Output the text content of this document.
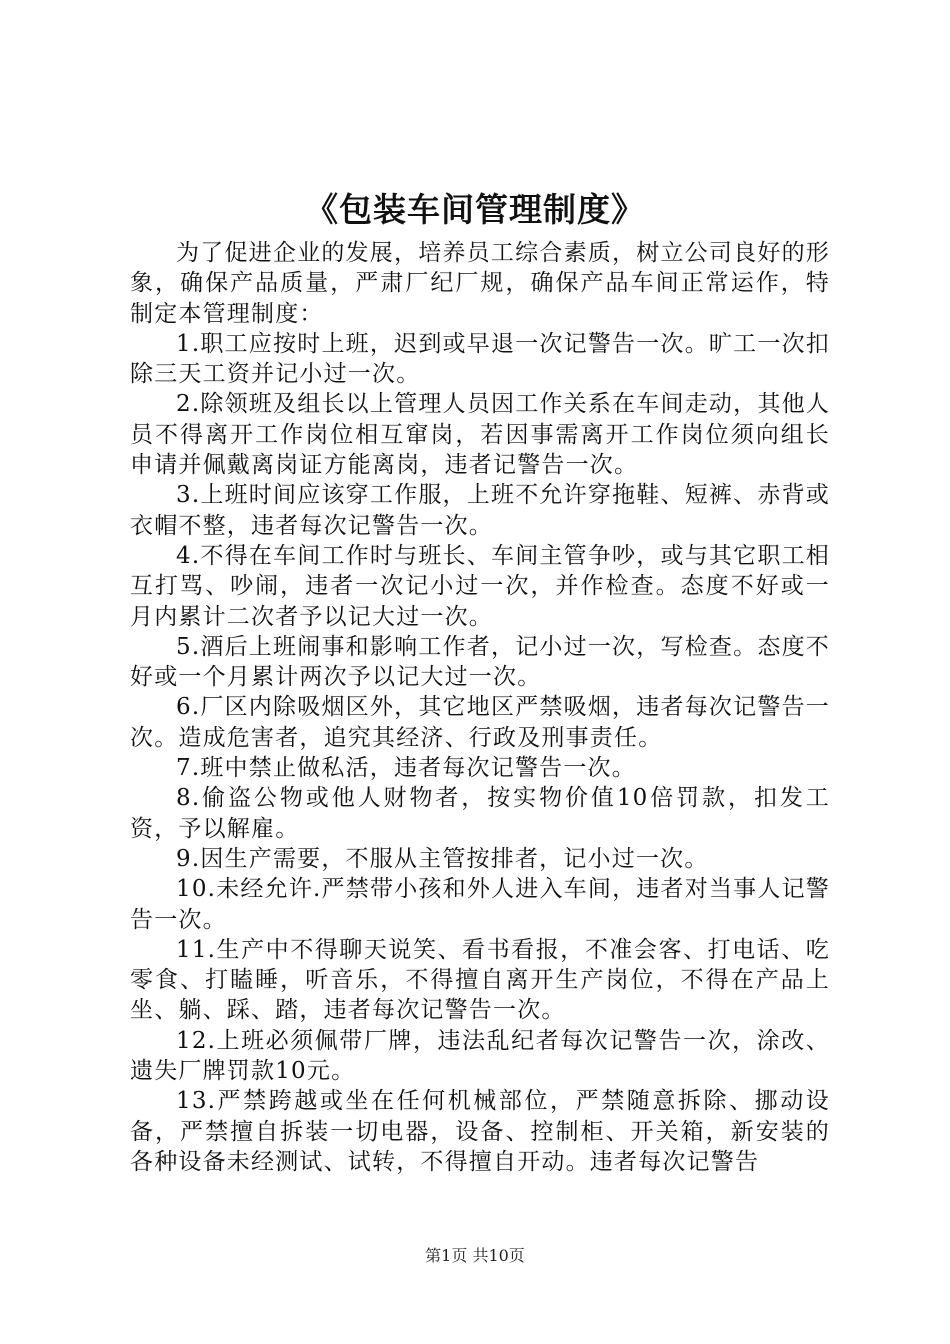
《包装车间管理制度》

为了促进企业的发展，培养员工综合素质，树立公司良好的形象，确保产品质量，严肃厂纪厂规，确保产品车间正常运作，特制定本管理制度：

1.职工应按时上班，迟到或早退一次记警告一次。旷工一次扣除三天工资并记小过一次。

2.除领班及组长以上管理人员因工作关系在车间走动，其他人员不得离开工作岗位相互窜岗，若因事需离开工作岗位须向组长申请并佩戴离岗证方能离岗，违者记警告一次。

3.上班时间应该穿工作服，上班不允许穿拖鞋、短裤、赤背或衣帽不整，违者每次记警告一次。

4.不得在车间工作时与班长、车间主管争吵，或与其它职工相互打骂、吵闹，违者一次记小过一次，并作检查。态度不好或一月内累计二次者予以记大过一次。

5.酒后上班闹事和影响工作者，记小过一次，写检查。态度不好或一个月累计两次予以记大过一次。

6.厂区内除吸烟区外，其它地区严禁吸烟，违者每次记警告一次。造成危害者，追究其经济、行政及刑事责任。

7.班中禁止做私活，违者每次记警告一次。

8.偷盗公物或他人财物者，按实物价值10倍罚款，扣发工资，予以解雇。

9.因生产需要，不服从主管按排者，记小过一次。

10.未经允许.严禁带小孩和外人进入车间，违者对当事人记警告一次。

11.生产中不得聊天说笑、看书看报，不准会客、打电话、吃零食、打瞌睡，听音乐，不得擅自离开生产岗位，不得在产品上坐、躺、踩、踏，违者每次记警告一次。

12.上班必须佩带厂牌，违法乱纪者每次记警告一次，涂改、遗失厂牌罚款10元。

13.严禁跨越或坐在任何机械部位，严禁随意拆除、挪动设备，严禁擅自拆装一切电器，设备、控制柜、开关箱，新安装的各种设备未经测试、试转，不得擅自开动。违者每次记警告

第1页 共10页
